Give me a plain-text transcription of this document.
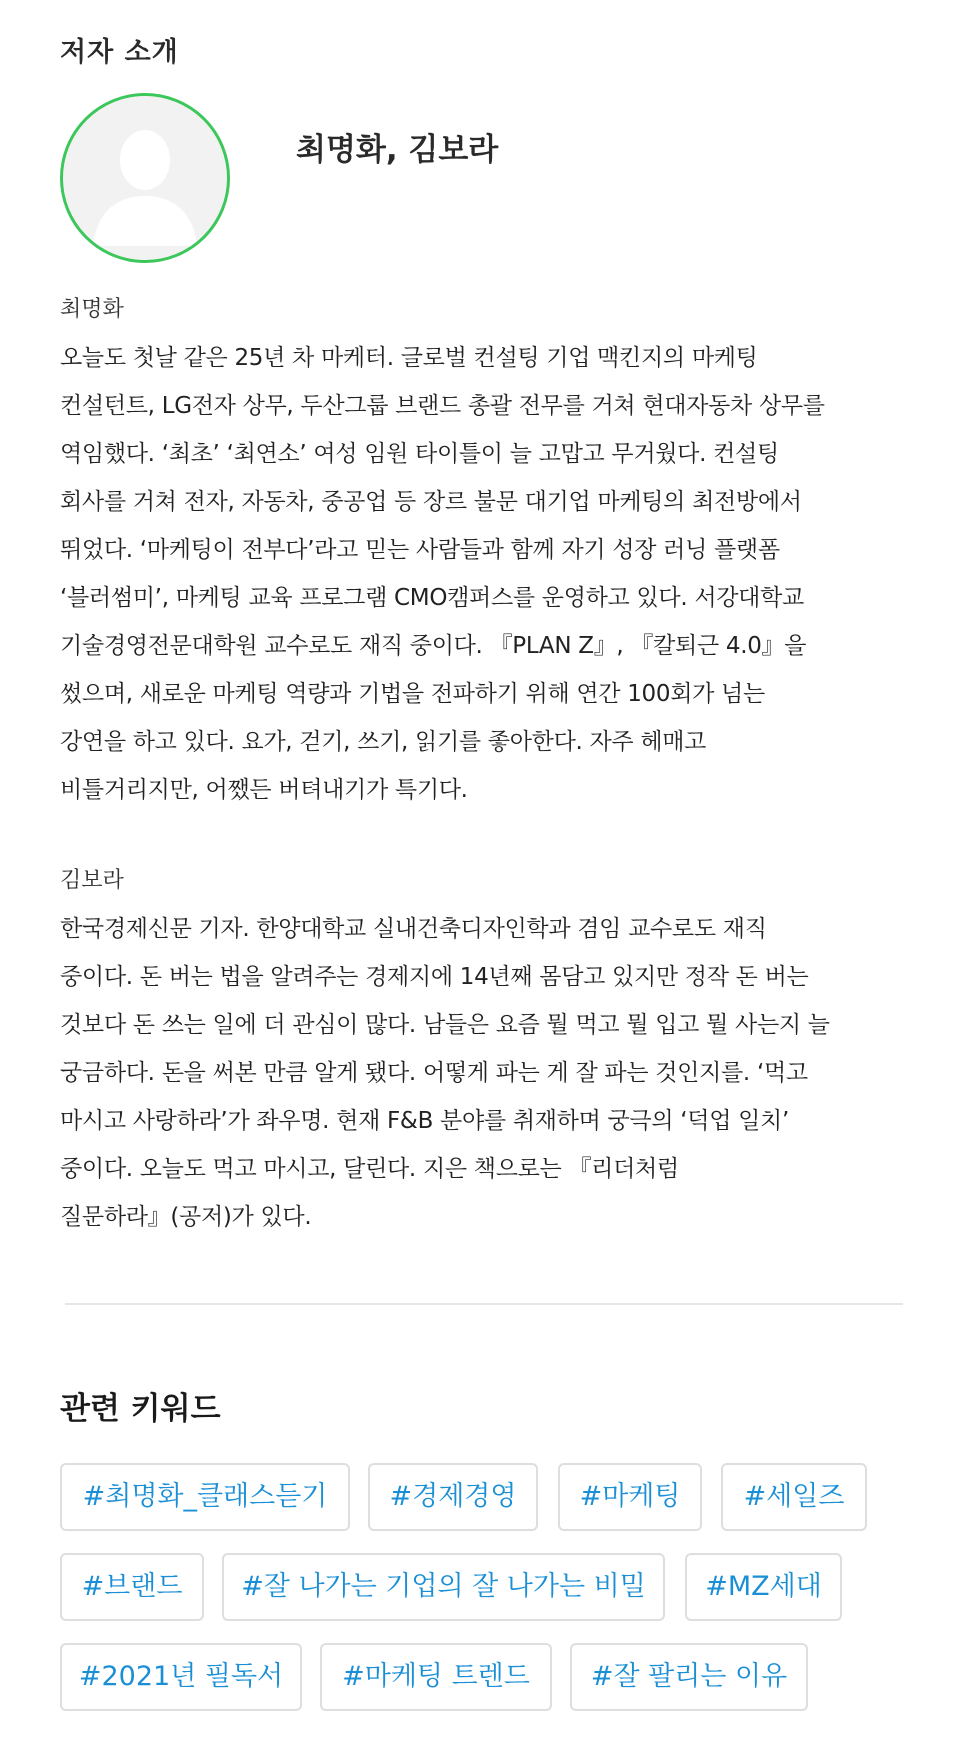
저자 소개
최명화, 김보라
최명화
오늘도 첫날 같은 25년 차 마케터. 글로벌 컨설팅 기업 맥킨지의 마케팅
컨설턴트, LG전자 상무, 두산그룹 브랜드 총괄 전무를 거쳐 현대자동차 상무를
역임했다. ‘최초’ ‘최연소’ 여성 임원 타이틀이 늘 고맙고 무거웠다. 컨설팅
회사를 거쳐 전자, 자동차, 중공업 등 장르 불문 대기업 마케팅의 최전방에서
뛰었다. ‘마케팅이 전부다’라고 믿는 사람들과 함께 자기 성장 러닝 플랫폼
‘블러썸미’, 마케팅 교육 프로그램 CMO캠퍼스를 운영하고 있다. 서강대학교
기술경영전문대학원 교수로도 재직 중이다. 『PLAN Z』, 『칼퇴근 4.0』을
썼으며, 새로운 마케팅 역량과 기법을 전파하기 위해 연간 100회가 넘는
강연을 하고 있다. 요가, 걷기, 쓰기, 읽기를 좋아한다. 자주 헤매고
비틀거리지만, 어쨌든 버텨내기가 특기다.
김보라
한국경제신문 기자. 한양대학교 실내건축디자인학과 겸임 교수로도 재직
중이다. 돈 버는 법을 알려주는 경제지에 14년째 몸담고 있지만 정작 돈 버는
것보다 돈 쓰는 일에 더 관심이 많다. 남들은 요즘 뭘 먹고 뭘 입고 뭘 사는지 늘
궁금하다. 돈을 써본 만큼 알게 됐다. 어떻게 파는 게 잘 파는 것인지를. ‘먹고
마시고 사랑하라’가 좌우명. 현재 F&B 분야를 취재하며 궁극의 ‘덕업 일치’
중이다. 오늘도 먹고 마시고, 달린다. 지은 책으로는 『리더처럼
질문하라』(공저)가 있다.
관련 키워드
#최명화_클래스듣기	#경제경영	#마케팅	#세일즈
#브랜드	#잘 나가는 기업의 잘 나가는 비밀	#MZ세대
#2021년 필독서	#마케팅 트렌드	#잘 팔리는 이유
